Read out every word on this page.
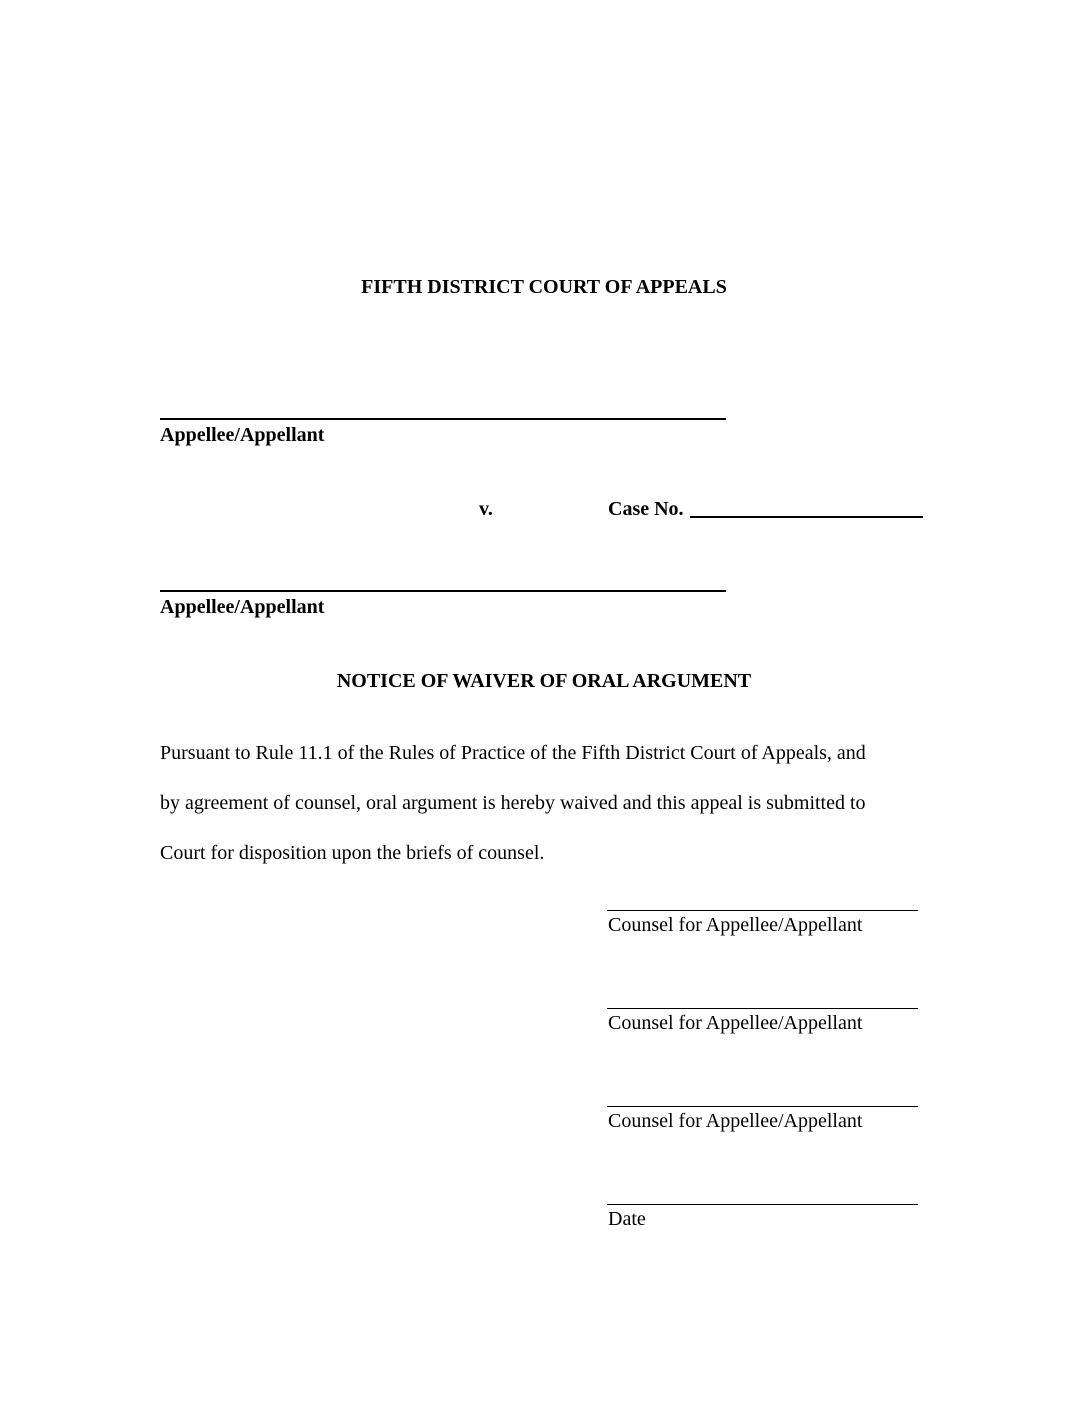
FIFTH DISTRICT COURT OF APPEALS
Appellee/Appellant
v.	Case No.
Appellee/Appellant
NOTICE OF WAIVER OF ORAL ARGUMENT
Pursuant to Rule 11.1 of the Rules of Practice of the Fifth District Court of Appeals, and
by agreement of counsel, oral argument is hereby waived and this appeal is submitted to
Court for disposition upon the briefs of counsel.
Counsel for Appellee/Appellant
Counsel for Appellee/Appellant
Counsel for Appellee/Appellant
Date
